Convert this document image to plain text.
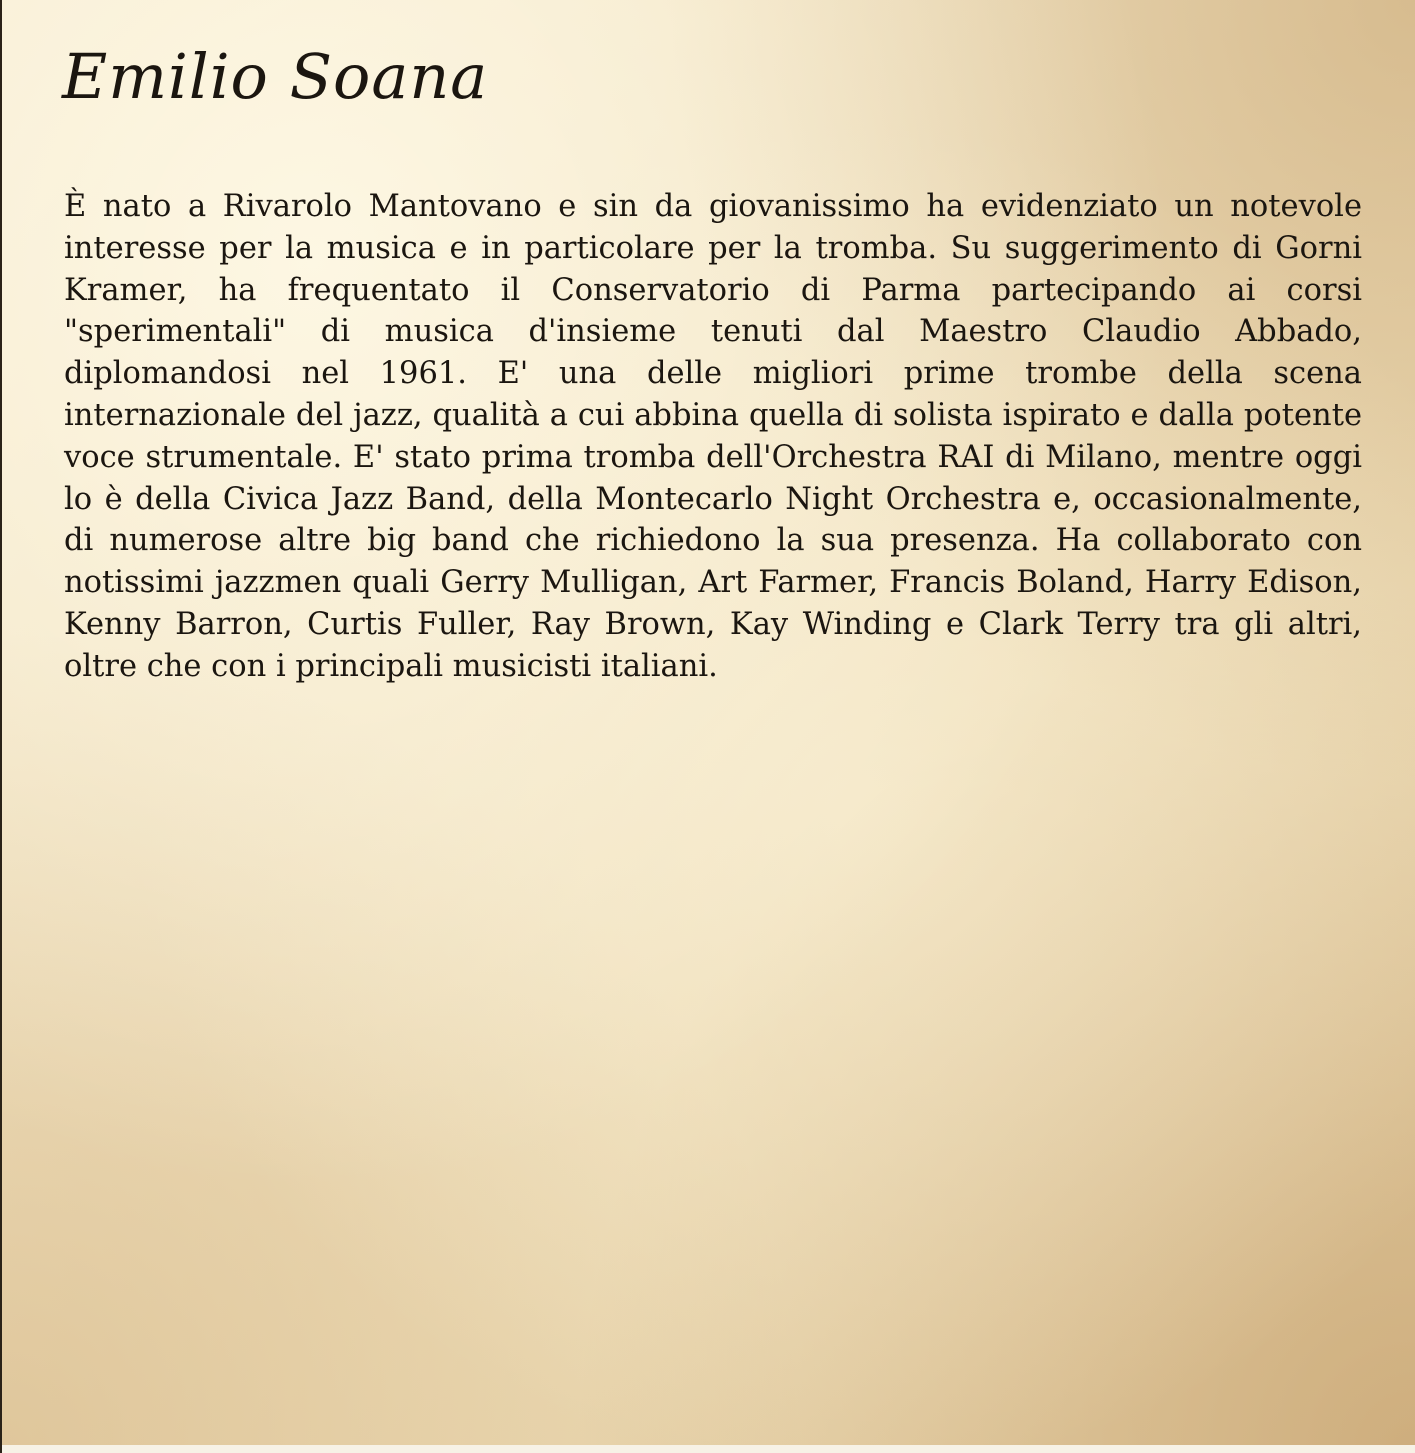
Emilio Soana

È nato a Rivarolo Mantovano e sin da giovanissimo ha evidenziato un notevole interesse per la musica e in particolare per la tromba. Su suggerimento di Gorni Kramer, ha frequentato il Conservatorio di Parma partecipando ai corsi "sperimentali" di musica d'insieme tenuti dal Maestro Claudio Abbado, diplomandosi nel 1961. E' una delle migliori prime trombe della scena internazionale del jazz, qualità a cui abbina quella di solista ispirato e dalla potente voce strumentale. E' stato prima tromba dell'Orchestra RAI di Milano, mentre oggi lo è della Civica Jazz Band, della Montecarlo Night Orchestra e, occasionalmente, di numerose altre big band che richiedono la sua presenza. Ha collaborato con notissimi jazzmen quali Gerry Mulligan, Art Farmer, Francis Boland, Harry Edison, Kenny Barron, Curtis Fuller, Ray Brown, Kay Winding e Clark Terry tra gli altri, oltre che con i principali musicisti italiani.
